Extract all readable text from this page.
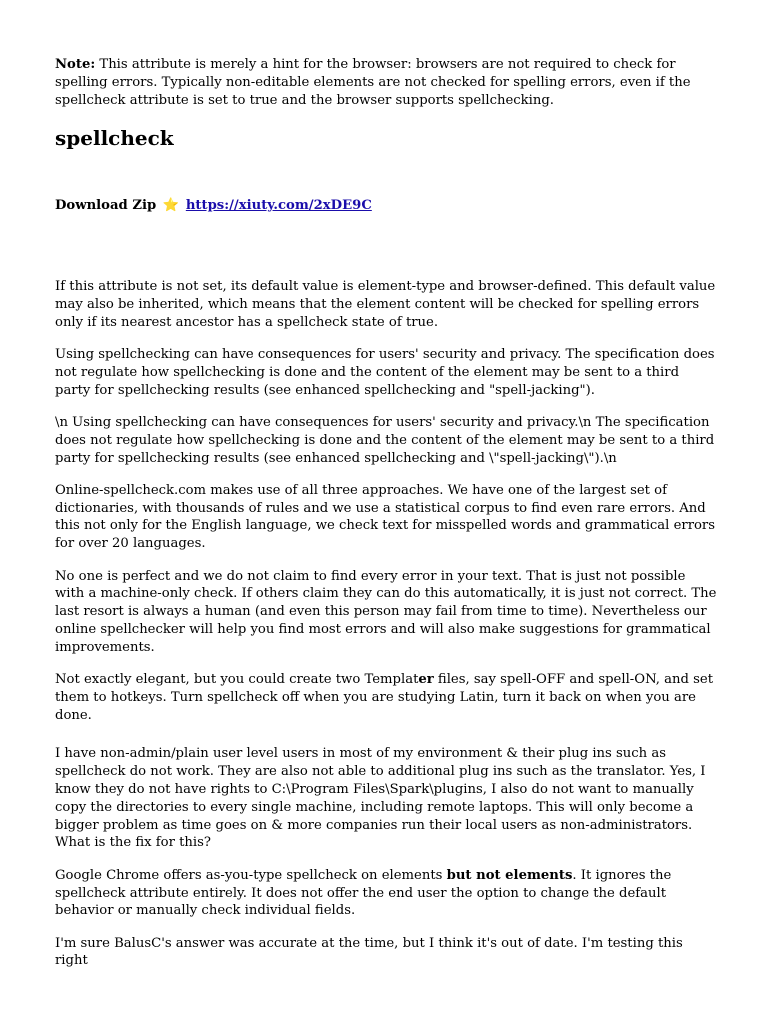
Note: This attribute is merely a hint for the browser: browsers are not required to check for spelling errors. Typically non-editable elements are not checked for spelling errors, even if the spellcheck attribute is set to true and the browser supports spellchecking.

spellcheck

Download Zip ⭐ https://xiuty.com/2xDE9C

If this attribute is not set, its default value is element-type and browser-defined. This default value may also be inherited, which means that the element content will be checked for spelling errors only if its nearest ancestor has a spellcheck state of true.

Using spellchecking can have consequences for users' security and privacy. The specification does not regulate how spellchecking is done and the content of the element may be sent to a third party for spellchecking results (see enhanced spellchecking and "spell-jacking").

\n Using spellchecking can have consequences for users' security and privacy.\n The specification does not regulate how spellchecking is done and the content of the element may be sent to a third party for spellchecking results (see enhanced spellchecking and \"spell-jacking\").\n

Online-spellcheck.com makes use of all three approaches. We have one of the largest set of dictionaries, with thousands of rules and we use a statistical corpus to find even rare errors. And this not only for the English language, we check text for misspelled words and grammatical errors for over 20 languages.

No one is perfect and we do not claim to find every error in your text. That is just not possible with a machine-only check. If others claim they can do this automatically, it is just not correct. The last resort is always a human (and even this person may fail from time to time). Nevertheless our online spellchecker will help you find most errors and will also make suggestions for grammatical improvements.

Not exactly elegant, but you could create two Templater files, say spell-OFF and spell-ON, and set them to hotkeys. Turn spellcheck off when you are studying Latin, turn it back on when you are done.

I have non-admin/plain user level users in most of my environment & their plug ins such as spellcheck do not work. They are also not able to additional plug ins such as the translator. Yes, I know they do not have rights to C:\Program Files\Spark\plugins, I also do not want to manually copy the directories to every single machine, including remote laptops. This will only become a bigger problem as time goes on & more companies run their local users as non-administrators. What is the fix for this?

Google Chrome offers as-you-type spellcheck on elements but not elements. It ignores the spellcheck attribute entirely. It does not offer the end user the option to change the default behavior or manually check individual fields.

I'm sure BalusC's answer was accurate at the time, but I think it's out of date. I'm testing this right
